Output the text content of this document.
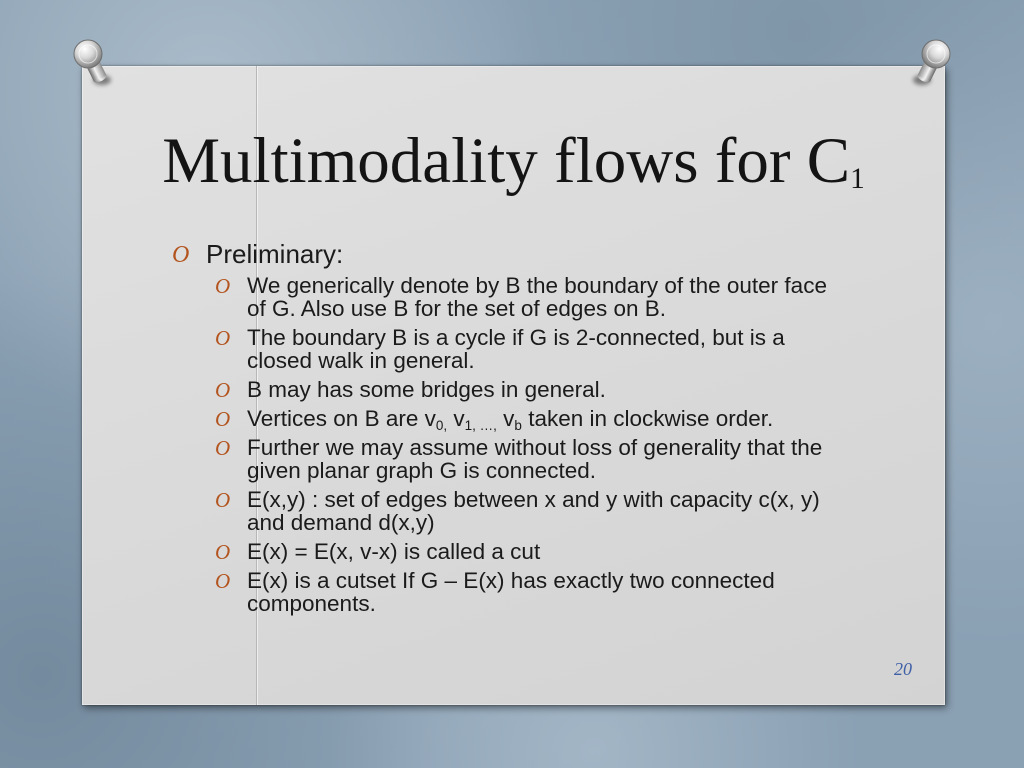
Multimodality flows for $C_1$
O Preliminary:
O We generically denote by B the boundary of the outer face
of G. Also use B for the set of edges on B.
O The boundary B is a cycle if G is 2-connected, but is a
closed walk in general.
O B may has some bridges in general.
O Vertices on B are $v_{0,}$ $v_{1, \dots,}$ $v_b$ taken in clockwise order.
O Further we may assume without loss of generality that the
given planar graph G is connected.
O E(x,y) : set of edges between x and y with capacity c(x, y)
and demand d(x,y)
O E(x) = E(x, v-x) is called a cut
O E(x) is a cutset If G – E(x) has exactly two connected
components.
20
